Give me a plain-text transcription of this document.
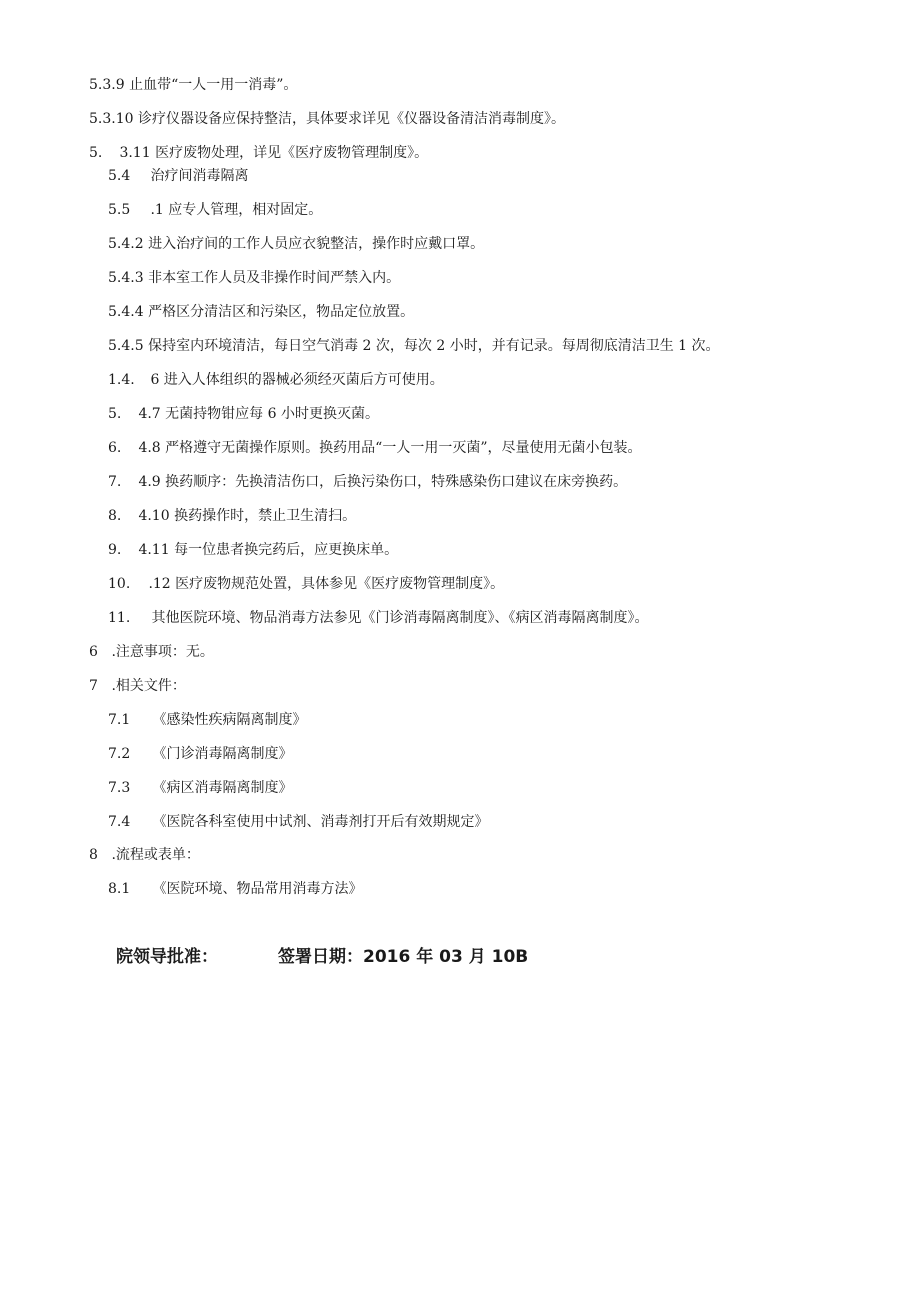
5.3.9 止血带“一人一用一消毒”。
5.3.10 诊疗仪器设备应保持整洁，具体要求详见《仪器设备清洁消毒制度》。
5. 3.11 医疗废物处理，详见《医疗废物管理制度》。
5.4 治疗间消毒隔离
5.5 .1 应专人管理，相对固定。
5.4.2 进入治疗间的工作人员应衣貌整洁，操作时应戴口罩。
5.4.3 非本室工作人员及非操作时间严禁入内。
5.4.4 严格区分清洁区和污染区，物品定位放置。
5.4.5 保持室内环境清洁，每日空气消毒 2 次，每次 2 小时，并有记录。每周彻底清洁卫生 1 次。
1.4. 6 进入人体组织的器械必须经灭菌后方可使用。
5. 4.7 无菌持物钳应每 6 小时更换灭菌。
6. 4.8 严格遵守无菌操作原则。换药用品“一人一用一灭菌”，尽量使用无菌小包装。
7. 4.9 换药顺序：先换清洁伤口，后换污染伤口，特殊感染伤口建议在床旁换药。
8. 4.10 换药操作时，禁止卫生清扫。
9. 4.11 每一位患者换完药后，应更换床单。
10. .12 医疗废物规范处置，具体参见《医疗废物管理制度》。
11. 其他医院环境、物品消毒方法参见《门诊消毒隔离制度》、《病区消毒隔离制度》。
6 .注意事项：无。
7 .相关文件：
7.1 《感染性疾病隔离制度》
7.2 《门诊消毒隔离制度》
7.3 《病区消毒隔离制度》
7.4 《医院各科室使用中试剂、消毒剂打开后有效期规定》
8 .流程或表单：
8.1 《医院环境、物品常用消毒方法》
院领导批准：	签署日期：2016 年 03 月 10B
